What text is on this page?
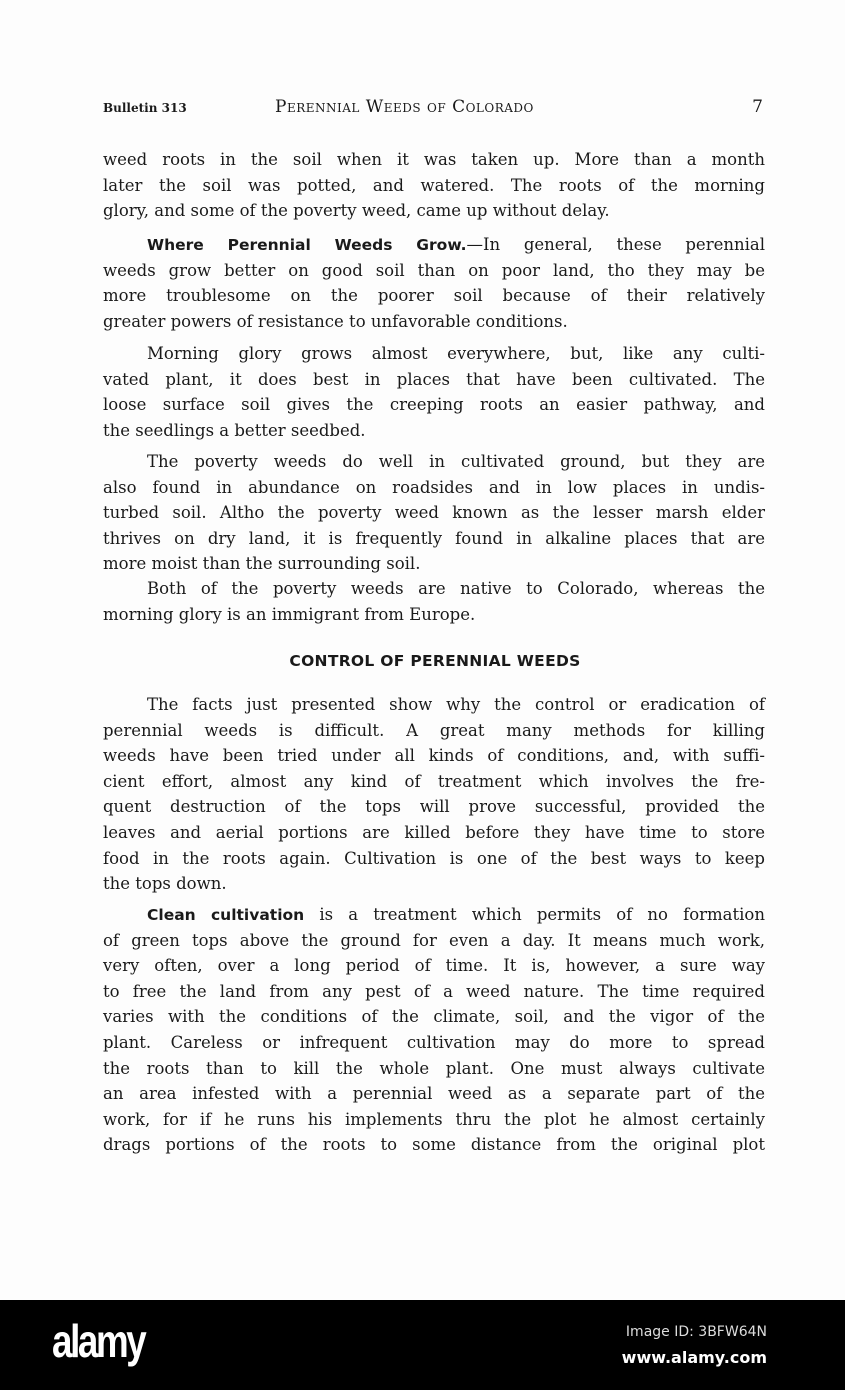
Bulletin 313	Perennial Weeds of Colorado	7
weed roots in the soil when it was taken up. More than a month
later the soil was potted, and watered. The roots of the morning
glory, and some of the poverty weed, came up without delay.
Where Perennial Weeds Grow.—In general, these perennial
weeds grow better on good soil than on poor land, tho they may be
more troublesome on the poorer soil because of their relatively
greater powers of resistance to unfavorable conditions.
Morning glory grows almost everywhere, but, like any culti-
vated plant, it does best in places that have been cultivated. The
loose surface soil gives the creeping roots an easier pathway, and
the seedlings a better seedbed.
The poverty weeds do well in cultivated ground, but they are
also found in abundance on roadsides and in low places in undis-
turbed soil. Altho the poverty weed known as the lesser marsh elder
thrives on dry land, it is frequently found in alkaline places that are
more moist than the surrounding soil.
Both of the poverty weeds are native to Colorado, whereas the
morning glory is an immigrant from Europe.
The facts just presented show why the control or eradication of
perennial weeds is difficult. A great many methods for killing
weeds have been tried under all kinds of conditions, and, with suffi-
cient effort, almost any kind of treatment which involves the fre-
quent destruction of the tops will prove successful, provided the
leaves and aerial portions are killed before they have time to store
food in the roots again. Cultivation is one of the best ways to keep
the tops down.
Clean cultivation is a treatment which permits of no formation
of green tops above the ground for even a day. It means much work,
very often, over a long period of time. It is, however, a sure way
to free the land from any pest of a weed nature. The time required
varies with the conditions of the climate, soil, and the vigor of the
plant. Careless or infrequent cultivation may do more to spread
the roots than to kill the whole plant. One must always cultivate
an area infested with a perennial weed as a separate part of the
work, for if he runs his implements thru the plot he almost certainly
drags portions of the roots to some distance from the original plot
CONTROL OF PERENNIAL WEEDS
alamy	Image ID: 3BFW64N
www.alamy.com
